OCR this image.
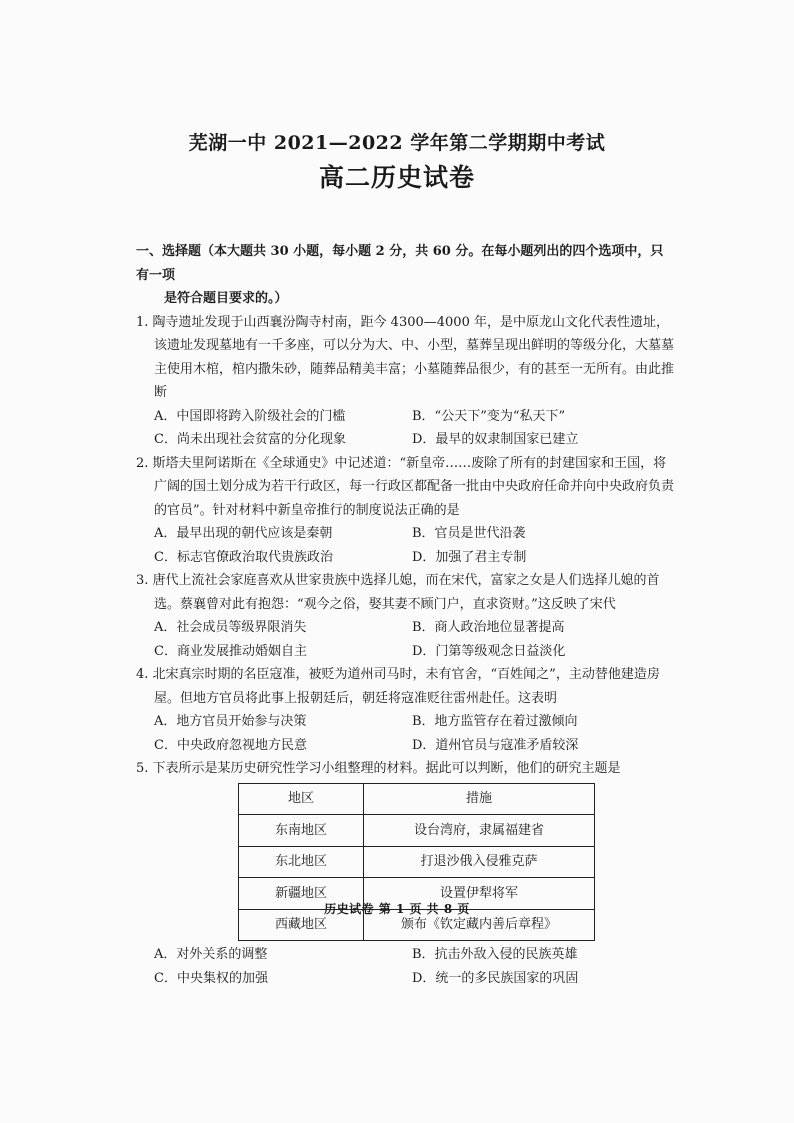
芜湖一中 2021—2022 学年第二学期期中考试
高二历史试卷
一、选择题（本大题共 30 小题，每小题 2 分，共 60 分。在每小题列出的四个选项中，只有一项
是符合题目要求的。）
1. 陶寺遗址发现于山西襄汾陶寺村南，距今 4300—4000 年，是中原龙山文化代表性遗址，该遗址发现墓地有一千多座，可以分为大、中、小型，墓葬呈现出鲜明的等级分化，大墓墓主使用木棺，棺内撒朱砂，随葬品精美丰富；小墓随葬品很少，有的甚至一无所有。由此推断
A．中国即将跨入阶级社会的门槛	B．“公天下”变为“私天下”
C．尚未出现社会贫富的分化现象	D．最早的奴隶制国家已建立
2. 斯塔夫里阿诺斯在《全球通史》中记述道：“新皇帝……废除了所有的封建国家和王国，将广阔的国土划分成为若干行政区，每一行政区都配备一批由中央政府任命并向中央政府负责的官员”。针对材料中新皇帝推行的制度说法正确的是
A．最早出现的朝代应该是秦朝	B．官员是世代沿袭
C．标志官僚政治取代贵族政治	D．加强了君主专制
3. 唐代上流社会家庭喜欢从世家贵族中选择儿媳，而在宋代，富家之女是人们选择儿媳的首选。蔡襄曾对此有抱怨：“观今之俗，娶其妻不顾门户，直求资财。”这反映了宋代
A．社会成员等级界限消失	B．商人政治地位显著提高
C．商业发展推动婚姻自主	D．门第等级观念日益淡化
4. 北宋真宗时期的名臣寇准，被贬为道州司马时，未有官舍，“百姓闻之”，主动替他建造房屋。但地方官员将此事上报朝廷后，朝廷将寇准贬往雷州赴任。这表明
A．地方官员开始参与决策	B．地方监管存在着过激倾向
C．中央政府忽视地方民意	D．道州官员与寇准矛盾较深
5. 下表所示是某历史研究性学习小组整理的材料。据此可以判断，他们的研究主题是
地区	措施
东南地区	设台湾府，隶属福建省
东北地区	打退沙俄入侵雅克萨
新疆地区	设置伊犁将军
西藏地区	颁布《钦定藏内善后章程》
A．对外关系的调整	B．抗击外敌入侵的民族英雄
C．中央集权的加强	D．统一的多民族国家的巩固
历史试卷 第 1 页 共 8 页
